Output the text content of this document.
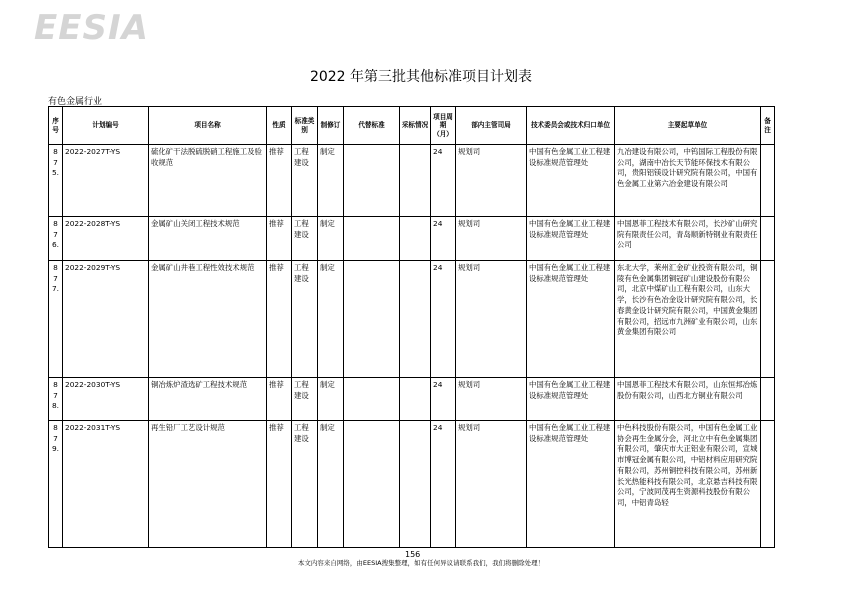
EESIA
2022 年第三批其他标准项目计划表
有色金属行业
序号	计划编号	项目名称	性质	标准类别	制修订	代替标准	采标情况	项目周期（月）	部内主管司局	技术委员会或技术归口单位	主要起草单位	备注
875.	2022-2027T-YS	硫化矿干法脱硫脱硝工程施工及验收规范	推荐	工程建设	制定			24	规划司	中国有色金属工业工程建设标准规范管理处	九冶建设有限公司，中钨国际工程股份有限公司，湖南中冶长天节能环保技术有限公司，贵阳铝镁设计研究院有限公司，中国有色金属工业第六冶金建设有限公司	
876.	2022-2028T-YS	金属矿山关闭工程技术规范	推荐	工程建设	制定			24	规划司	中国有色金属工业工程建设标准规范管理处	中国恩菲工程技术有限公司，长沙矿山研究院有限责任公司，青岛顺新特钢业有限责任公司	
877.	2022-2029T-YS	金属矿山井巷工程性效技术规范	推荐	工程建设	制定			24	规划司	中国有色金属工业工程建设标准规范管理处	东北大学，莱州汇金矿业投资有限公司，铜陵有色金属集团铜冠矿山建设股份有限公司，北京中煤矿山工程有限公司，山东大学，长沙有色冶金设计研究院有限公司，长春黄金设计研究院有限公司，中国黄金集团有限公司，招远市九洲矿业有限公司，山东黄金集团有限公司	
878.	2022-2030T-YS	铜冶炼炉渣选矿工程技术规范	推荐	工程建设	制定			24	规划司	中国有色金属工业工程建设标准规范管理处	中国恩菲工程技术有限公司，山东恒邦冶炼股份有限公司，山西北方铜业有限公司	
879.	2022-2031T-YS	再生铅厂工艺设计规范	推荐	工程建设	制定			24	规划司	中国有色金属工业工程建设标准规范管理处	中色科技股份有限公司，中国有色金属工业协会再生金属分会，河北立中有色金属集团有限公司，肇庆市大正铝业有限公司，宣城市博冠金属有限公司，中铝材料应用研究院有限公司，苏州铜控科技有限公司，苏州新长光热能科技有限公司，北京悬吉科技有限公司，宁波同茂再生资源科技股份有限公司，中铝青岛轻	
156
本文内容来自网络，由EESIA搜集整理，如有任何异议请联系我们，我们将删除处理！
